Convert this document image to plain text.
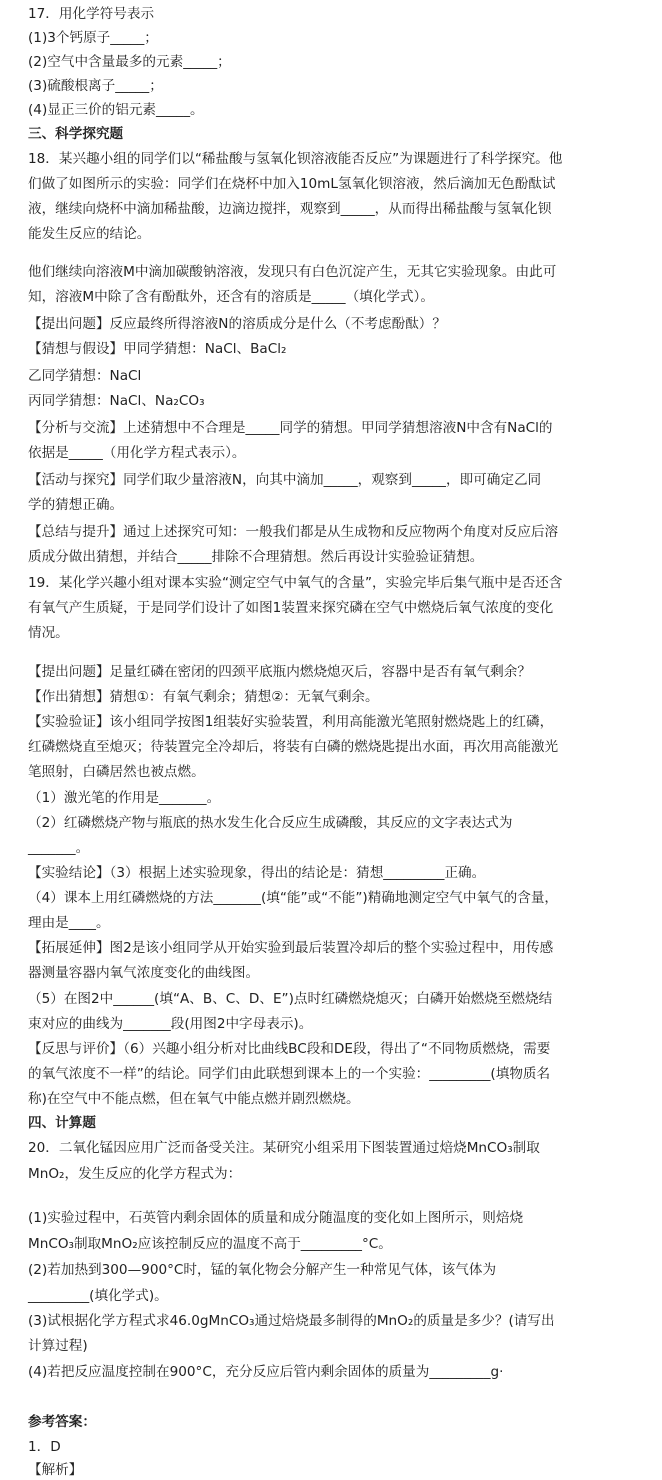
17．用化学符号表示
(1)3个钙原子_____；
(2)空气中含量最多的元素_____；
(3)硫酸根离子_____；
(4)显正三价的铝元素_____。
三、科学探究题
18．某兴趣小组的同学们以“稀盐酸与氢氧化钡溶液能否反应”为课题进行了科学探究。他
们做了如图所示的实验：同学们在烧杯中加入10mL氢氧化钡溶液，然后滴加无色酚酞试
液，继续向烧杯中滴加稀盐酸，边滴边搅拌，观察到_____，从而得出稀盐酸与氢氧化钡
能发生反应的结论。
他们继续向溶液M中滴加碳酸钠溶液，发现只有白色沉淀产生，无其它实验现象。由此可
知，溶液M中除了含有酚酞外，还含有的溶质是_____（填化学式）。
【提出问题】反应最终所得溶液N的溶质成分是什么（不考虑酚酞）？
【猜想与假设】甲同学猜想：NaCl、BaCl₂
乙同学猜想：NaCl
丙同学猜想：NaCl、Na₂CO₃
【分析与交流】上述猜想中不合理是_____同学的猜想。甲同学猜想溶液N中含有NaCl的
依据是_____（用化学方程式表示）。
【活动与探究】同学们取少量溶液N，向其中滴加_____，观察到_____，即可确定乙同
学的猜想正确。
【总结与提升】通过上述探究可知：一般我们都是从生成物和反应物两个角度对反应后溶
质成分做出猜想，并结合_____排除不合理猜想。然后再设计实验验证猜想。
19．某化学兴趣小组对课本实验“测定空气中氧气的含量”，实验完毕后集气瓶中是否还含
有氧气产生质疑，于是同学们设计了如图1装置来探究磷在空气中燃烧后氧气浓度的变化
情况。
【提出问题】足量红磷在密闭的四颈平底瓶内燃烧熄灭后，容器中是否有氧气剩余？
【作出猜想】猜想①：有氧气剩余；猜想②：无氧气剩余。
【实验验证】该小组同学按图1组装好实验装置，利用高能激光笔照射燃烧匙上的红磷，
红磷燃烧直至熄灭；待装置完全冷却后，将装有白磷的燃烧匙提出水面，再次用高能激光
笔照射，白磷居然也被点燃。
（1）激光笔的作用是_______。
（2）红磷燃烧产物与瓶底的热水发生化合反应生成磷酸，其反应的文字表达式为
_______。
【实验结论】（3）根据上述实验现象，得出的结论是：猜想_________正确。
（4）课本上用红磷燃烧的方法_______(填“能”或“不能”)精确地测定空气中氧气的含量，
理由是____。
【拓展延伸】图2是该小组同学从开始实验到最后装置冷却后的整个实验过程中，用传感
器测量容器内氧气浓度变化的曲线图。
（5）在图2中______(填“A、B、C、D、E”)点时红磷燃烧熄灭；白磷开始燃烧至燃烧结
束对应的曲线为_______段(用图2中字母表示)。
【反思与评价】（6）兴趣小组分析对比曲线BC段和DE段，得出了“不同物质燃烧，需要
的氧气浓度不一样”的结论。同学们由此联想到课本上的一个实验：_________(填物质名
称)在空气中不能点燃，但在氧气中能点燃并剧烈燃烧。
四、计算题
20．二氧化锰因应用广泛而备受关注。某研究小组采用下图装置通过焙烧MnCO₃制取
MnO₂，发生反应的化学方程式为：
(1)实验过程中，石英管内剩余固体的质量和成分随温度的变化如上图所示，则焙烧
MnCO₃制取MnO₂应该控制反应的温度不高于_________°C。
(2)若加热到300—900°C时，锰的氧化物会分解产生一种常见气体，该气体为
_________(填化学式)。
(3)试根据化学方程式求46.0gMnCO₃通过焙烧最多制得的MnO₂的质量是多少？(请写出
计算过程)
(4)若把反应温度控制在900°C，充分反应后管内剩余固体的质量为_________g·
参考答案：
1．D
【解析】
